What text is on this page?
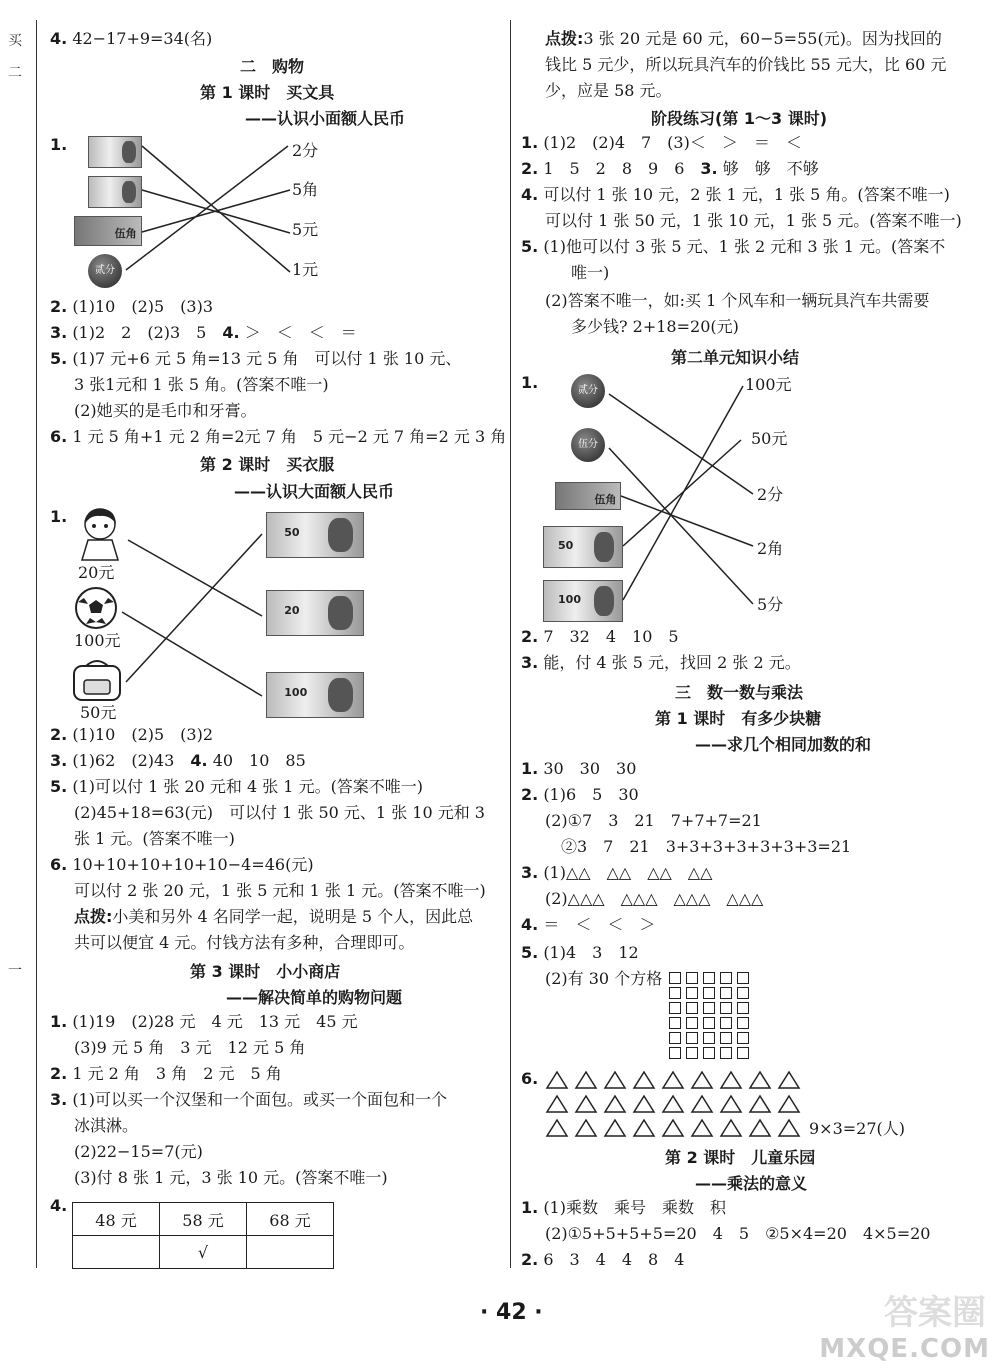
买
二
一
4. 42−17+9=34(名)
二　购物
第 1 课时　买文具
——认识小面额人民币
1.
伍角
贰分
2分
5角
5元
1元
2. (1)10　(2)5　(3)3
3. (1)2　2　(2)3　5　4. ＞　＜　＜　＝
5. (1)7 元+6 元 5 角=13 元 5 角　可以付 1 张 10 元、
3 张1元和 1 张 5 角。(答案不唯一)
(2)她买的是毛巾和牙膏。
6. 1 元 5 角+1 元 2 角=2元 7 角　5 元−2 元 7 角=2 元 3 角
第 2 课时　买衣服
——认识大面额人民币
1.
20元
100元
50元
50
20
100
2. (1)10　(2)5　(3)2
3. (1)62　(2)43　4. 40　10　85
5. (1)可以付 1 张 20 元和 4 张 1 元。(答案不唯一)
(2)45+18=63(元)　可以付 1 张 50 元、1 张 10 元和 3
张 1 元。(答案不唯一)
6. 10+10+10+10+10−4=46(元)
可以付 2 张 20 元，1 张 5 元和 1 张 1 元。(答案不唯一)
点拨:小美和另外 4 名同学一起，说明是 5 个人，因此总
共可以便宜 4 元。付钱方法有多种，合理即可。
第 3 课时　小小商店
——解决简单的购物问题
1. (1)19　(2)28 元　4 元　13 元　45 元
(3)9 元 5 角　3 元　12 元 5 角
2. 1 元 2 角　3 角　2 元　5 角
3. (1)可以买一个汉堡和一个面包。或买一个面包和一个
冰淇淋。
(2)22−15=7(元)
(3)付 8 张 1 元，3 张 10 元。(答案不唯一)
4.
48 元	58 元	68 元
	√	
点拨:3 张 20 元是 60 元，60−5=55(元)。因为找回的
钱比 5 元少，所以玩具汽车的价钱比 55 元大，比 60 元
少，应是 58 元。
阶段练习(第 1～3 课时)
1. (1)2　(2)4　7　(3)＜　＞　＝　＜
2. 1　5　2　8　9　6　3. 够　够　不够
4. 可以付 1 张 10 元，2 张 1 元，1 张 5 角。(答案不唯一)
可以付 1 张 50 元，1 张 10 元，1 张 5 元。(答案不唯一)
5. (1)他可以付 3 张 5 元、1 张 2 元和 3 张 1 元。(答案不
唯一)
(2)答案不唯一，如:买 1 个风车和一辆玩具汽车共需要
多少钱? 2+18=20(元)
第二单元知识小结
1.	贰分
伍分
伍角
50
100
100元
50元
2分
2角
5分
2. 7　32　4　10　5
3. 能，付 4 张 5 元，找回 2 张 2 元。
三　数一数与乘法
第 1 课时　有多少块糖
——求几个相同加数的和
1. 30　30　30
2. (1)6　5　30
(2)①7　3　21　7+7+7=21
　②3　7　21　3+3+3+3+3+3+3=21
3. (1)△△　△△　△△　△△
(2)△△△　△△△　△△△　△△△
4. ＝　＜　＜　＞
5. (1)4　3　12
(2)有 30 个方格
6.
9×3=27(人)
第 2 课时　儿童乐园
——乘法的意义
1. (1)乘数　乘号　乘数　积
(2)①5+5+5+5=20　4　5　②5×4=20　4×5=20
2. 6　3　4　4　8　4
· 42 ·	答案圈
MXQE.COM
